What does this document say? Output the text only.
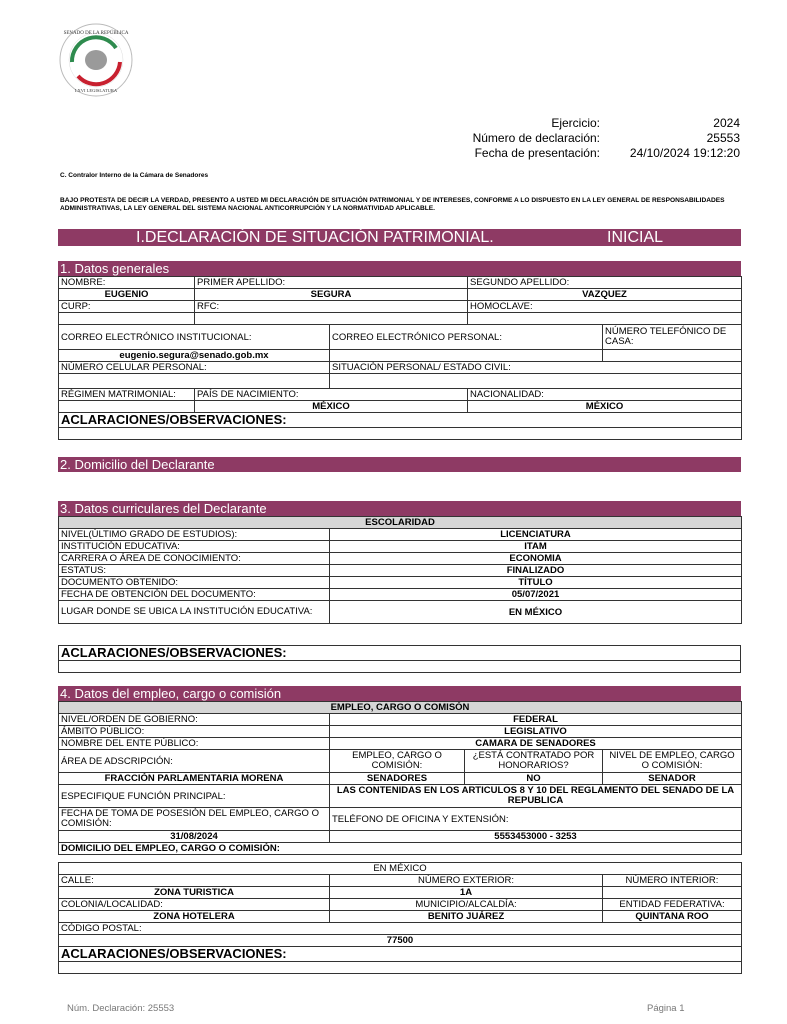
SENADO DE LA REPÚBLICA
LXVI LEGISLATURA
Ejercicio:	2024
Número de declaración:	25553
Fecha de presentación:	24/10/2024 19:12:20
C. Contralor Interno de la Cámara de Senadores
BAJO PROTESTA DE DECIR LA VERDAD, PRESENTO A USTED MI DECLARACIÓN DE SITUACIÓN PATRIMONIAL Y DE INTERESES, CONFORME A LO DISPUESTO EN LA LEY GENERAL DE RESPONSABILIDADES ADMINISTRATIVAS, LA LEY GENERAL DEL SISTEMA NACIONAL ANTICORRUPCIÓN Y LA NORMATIVIDAD APLICABLE.
I.DECLARACIÓN DE SITUACIÓN PATRIMONIAL.	INICIAL
1. Datos generales
NOMBRE:	PRIMER APELLIDO:		SEGUNDO APELLIDO:	
EUGENIO	SEGURA		VAZQUEZ	
CURP:	RFC:		HOMOCLAVE:	

CORREO ELECTRÓNICO INSTITUCIONAL:		CORREO ELECTRÓNICO PERSONAL:		NÚMERO TELEFÓNICO DE CASA:
eugenio.segura@senado.gob.mx				
NÚMERO CELULAR PERSONAL:		SITUACIÓN PERSONAL/ ESTADO CIVIL:		

RÉGIMEN MATRIMONIAL:	PAÍS DE NACIMIENTO:		NACIONALIDAD:	
	MÉXICO		MÉXICO	
ACLARACIONES/OBSERVACIONES:				

2. Domicilio del Declarante
3. Datos curriculares del Declarante
ESCOLARIDAD	
NIVEL(ÚLTIMO GRADO DE ESTUDIOS):	LICENCIATURA
INSTITUCIÓN EDUCATIVA:	ITAM
CARRERA O ÁREA DE CONOCIMIENTO:	ECONOMIA
ESTATUS:	FINALIZADO
DOCUMENTO OBTENIDO:	TÍTULO
FECHA DE OBTENCIÓN DEL DOCUMENTO:	05/07/2021
LUGAR DONDE SE UBICA LA INSTITUCIÓN EDUCATIVA:	EN MÉXICO
ACLARACIONES/OBSERVACIONES:

4. Datos del empleo, cargo o comisión
EMPLEO, CARGO O COMISÓN			
NIVEL/ORDEN DE GOBIERNO:	FEDERAL		
ÁMBITO PÚBLICO:	LEGISLATIVO		
NOMBRE DEL ENTE PÚBLICO:	CAMARA DE SENADORES		
ÁREA DE ADSCRIPCIÓN:	EMPLEO, CARGO O COMISIÓN:	¿ESTÁ CONTRATADO POR HONORARIOS?	NIVEL DE EMPLEO, CARGO O COMISIÓN:
FRACCIÓN PARLAMENTARIA MORENA	SENADORES	NO	SENADOR
ESPECIFIQUE FUNCIÓN PRINCIPAL:	LAS CONTENIDAS EN LOS ARTICULOS 8 Y 10 DEL REGLAMENTO DEL SENADO DE LA REPUBLICA		
FECHA DE TOMA DE POSESIÓN DEL EMPLEO, CARGO O COMISIÓN:	TELÉFONO DE OFICINA Y EXTENSIÓN:		
31/08/2024	5553453000 - 3253		
DOMICILIO DEL EMPLEO, CARGO O COMISIÓN:			
EN MÉXICO		
CALLE:	NÚMERO EXTERIOR:	NÚMERO INTERIOR:
ZONA TURISTICA	1A	
COLONIA/LOCALIDAD:	MUNICIPIO/ALCALDÍA:	ENTIDAD FEDERATIVA:
ZONA HOTELERA	BENITO JUÁREZ	QUINTANA ROO
CÓDIGO POSTAL:		
77500		
ACLARACIONES/OBSERVACIONES:		

Núm. Declaración: 25553	Página 1
